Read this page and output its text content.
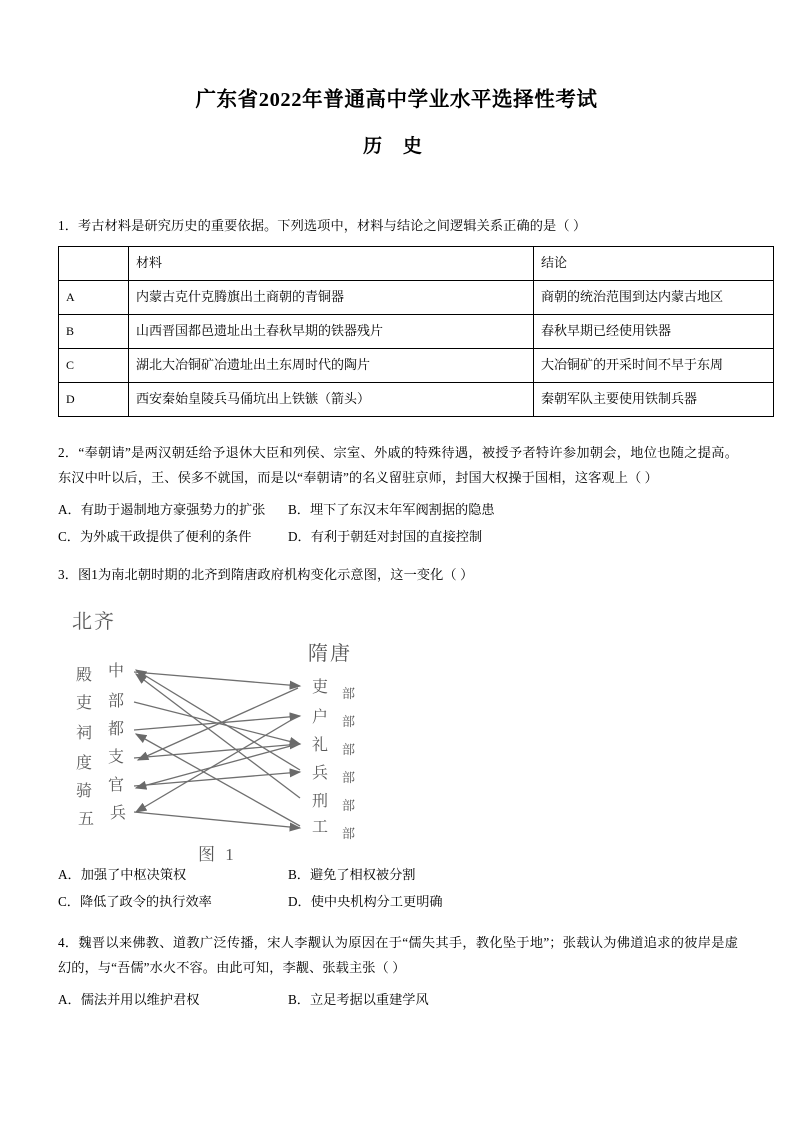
广东省2022年普通高中学业水平选择性考试
历 史
1．考古材料是研究历史的重要依据。下列选项中，材料与结论之间逻辑关系正确的是（ ）
	材料	结论
A	内蒙古克什克腾旗出土商朝的青铜器	商朝的统治范围到达内蒙古地区
B	山西晋国都邑遗址出土春秋早期的铁器残片	春秋早期已经使用铁器
C	湖北大冶铜矿冶遗址出土东周时代的陶片	大冶铜矿的开采时间不早于东周
D	西安秦始皇陵兵马俑坑出上铁镞（箭头）	秦朝军队主要使用铁制兵器
2．“奉朝请”是两汉朝廷给予退休大臣和列侯、宗室、外戚的特殊待遇，被授予者特许参加朝会，地位也随之提高。东汉中叶以后，王、侯多不就国，而是以“奉朝请”的名义留驻京师，封国大权操于国相，这客观上（ ）
A．有助于遏制地方豪强势力的扩张 B．埋下了东汉末年军阀割据的隐患
C．为外戚干政提供了便利的条件	D．有利于朝廷对封国的直接控制
3．图1为南北朝时期的北齐到隋唐政府机构变化示意图，这一变化（ ）
北齐
隋唐
殿
吏
祠
度
骑
五
中
部
都
支
官
兵
吏
户
礼
兵
刑
工
部
部
部
部
部
部
图 1
A．加强了中枢决策权	B．避免了相权被分割
C．降低了政令的执行效率	D．使中央机构分工更明确
4．魏晋以来佛教、道教广泛传播，宋人李觏认为原因在于“儒失其手，教化坠于地”；张载认为佛道追求的彼岸是虚幻的，与“吾儒”水火不容。由此可知，李觏、张载主张（ ）
A．儒法并用以维护君权	B．立足考据以重建学风
